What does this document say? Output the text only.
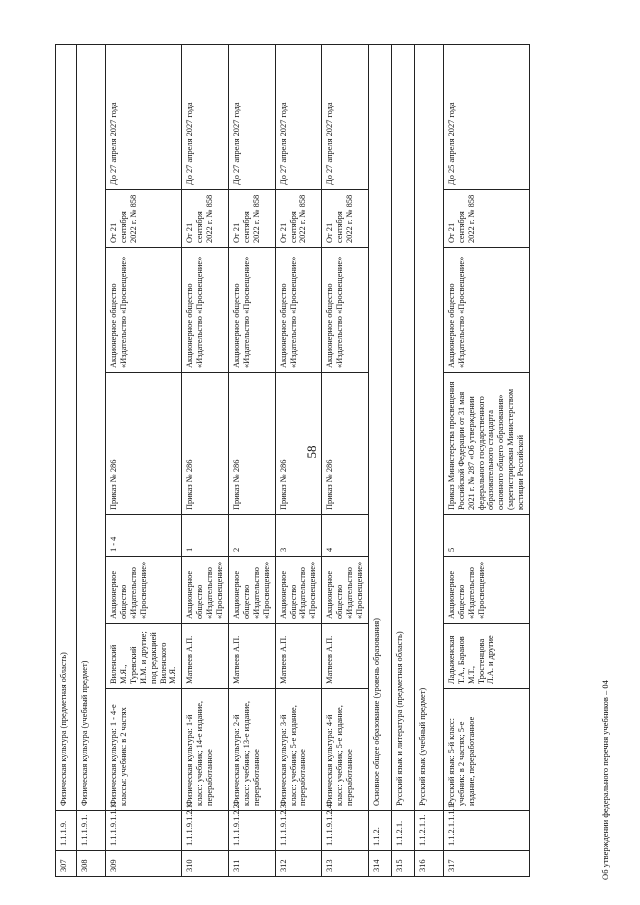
58
307	1.1.1.9.	Физическая культура (предметная область)							
308	1.1.1.9.1.	Физическая культура (учебный предмет)							
309	1.1.1.9.1.1.1.	Физическая культура: 1 - 4-е классы: учебник: в 2 частях	Виленский М.Я., Туревский И.М. и другие; под редакцией Виленского М.Я.	Акционерное общество «Издательство «Просвещение»	1 - 4	Приказ № 286	Акционерное общество «Издательство «Просвещение»	От 21 сентября 2022 г. № 858	До 27 апреля 2027 года
310	1.1.1.9.1.2.1.	Физическая культура: 1-й класс: учебник; 14-е издание, переработанное	Матвеев А.П.	Акционерное общество «Издательство «Просвещение»	1	Приказ № 286	Акционерное общество «Издательство «Просвещение»	От 21 сентября 2022 г. № 858	До 27 апреля 2027 года
311	1.1.1.9.1.2.2.	Физическая культура: 2-й класс: учебник; 13-е издание, переработанное	Матвеев А.П.	Акционерное общество «Издательство «Просвещение»	2	Приказ № 286	Акционерное общество «Издательство «Просвещение»	От 21 сентября 2022 г. № 858	До 27 апреля 2027 года
312	1.1.1.9.1.2.3.	Физическая культура: 3-й класс: учебник; 5-е издание, переработанное	Матвеев А.П.	Акционерное общество «Издательство «Просвещение»	3	Приказ № 286	Акционерное общество «Издательство «Просвещение»	От 21 сентября 2022 г. № 858	До 27 апреля 2027 года
313	1.1.1.9.1.2.4.	Физическая культура: 4-й класс: учебник; 5-е издание, переработанное	Матвеев А.П.	Акционерное общество «Издательство «Просвещение»	4	Приказ № 286	Акционерное общество «Издательство «Просвещение»	От 21 сентября 2022 г. № 858	До 27 апреля 2027 года
314	1.1.2.	Основное общее образование (уровень образования)							
315	1.1.2.1.	Русский язык и литература (предметная область)							
316	1.1.2.1.1.	Русский язык (учебный предмет)							
317	1.1.2.1.1.1.1.	Русский язык: 5-й класс: учебник: в 2 частях; 5-е издание, переработанное	Ладыженская Т.А., Баранов М.Т., Тростенцова Л.А. и другие	Акционерное общество «Издательство «Просвещение»	5	Приказ Министерства просвещения Российской Федерации от 31 мая 2021 г. № 287 «Об утверждении федерального государственного образовательного стандарта основного общего образования» (зарегистрирован Министерством юстиции Российской	Акционерное общество «Издательство «Просвещение»	От 21 сентября 2022 г. № 858	До 25 апреля 2027 года
Об утверждении федерального перечня учебников – 04
